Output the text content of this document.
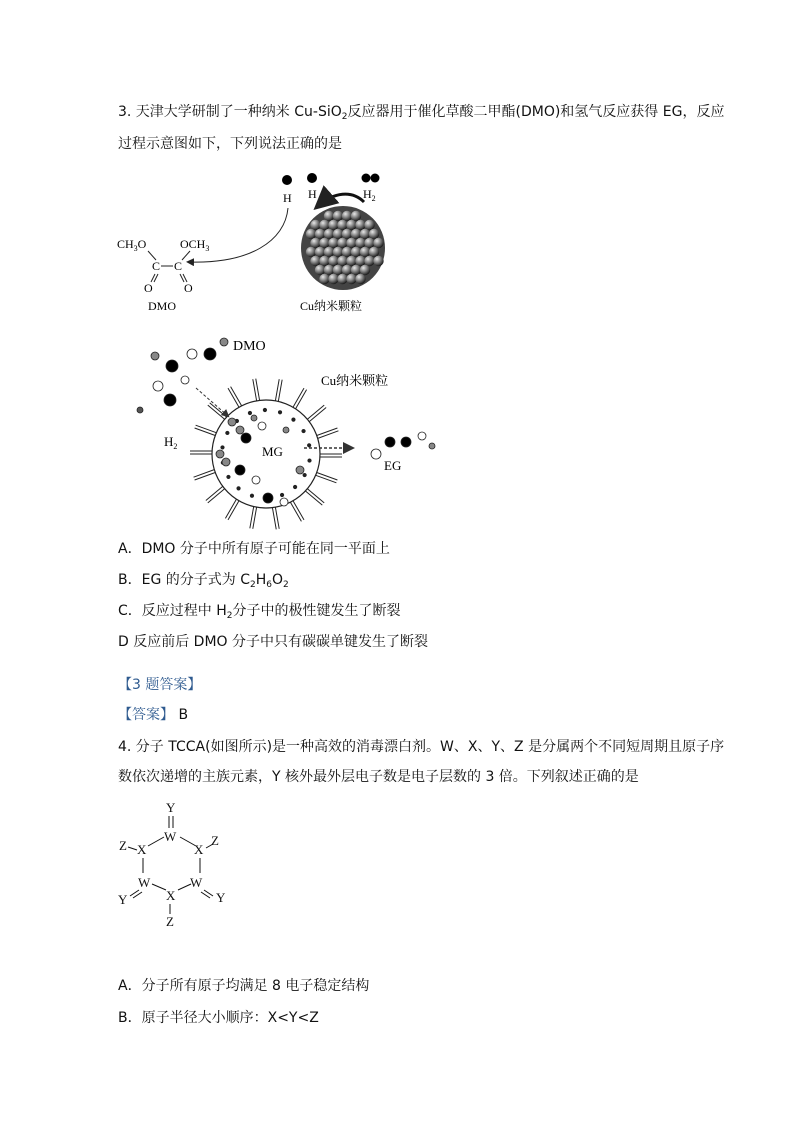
3. 天津大学研制了一种纳米 Cu-SiO$_2$反应器用于催化草酸二甲酯(DMO)和氢气反应获得 EG，反应
过程示意图如下，下列说法正确的是
$CH_3O$	$OCH_3$
C C
O	O
DMO
H H	$H_2$
Cu纳米颗粒
DMO
Cu纳米颗粒
$H_2$	MG
EG
A．DMO 分子中所有原子可能在同一平面上
B．EG 的分子式为 $C_2H_6O_2$
C．反应过程中 $H_2$分子中的极性键发生了断裂
D 反应前后 DMO 分子中只有碳碳单键发生了断裂
【3 题答案】
【答案】 B
4. 分子 TCCA(如图所示)是一种高效的消毒漂白剂。W、X、Y、Z 是分属两个不同短周期且原子序
数依次递增的主族元素，Y 核外最外层电子数是电子层数的 3 倍。下列叙述正确的是
Y
W
X	X
Z	Z
W	W
X
Z
Y	Y
A．分子所有原子均满足 8 电子稳定结构
B．原子半径大小顺序：X<Y<Z
